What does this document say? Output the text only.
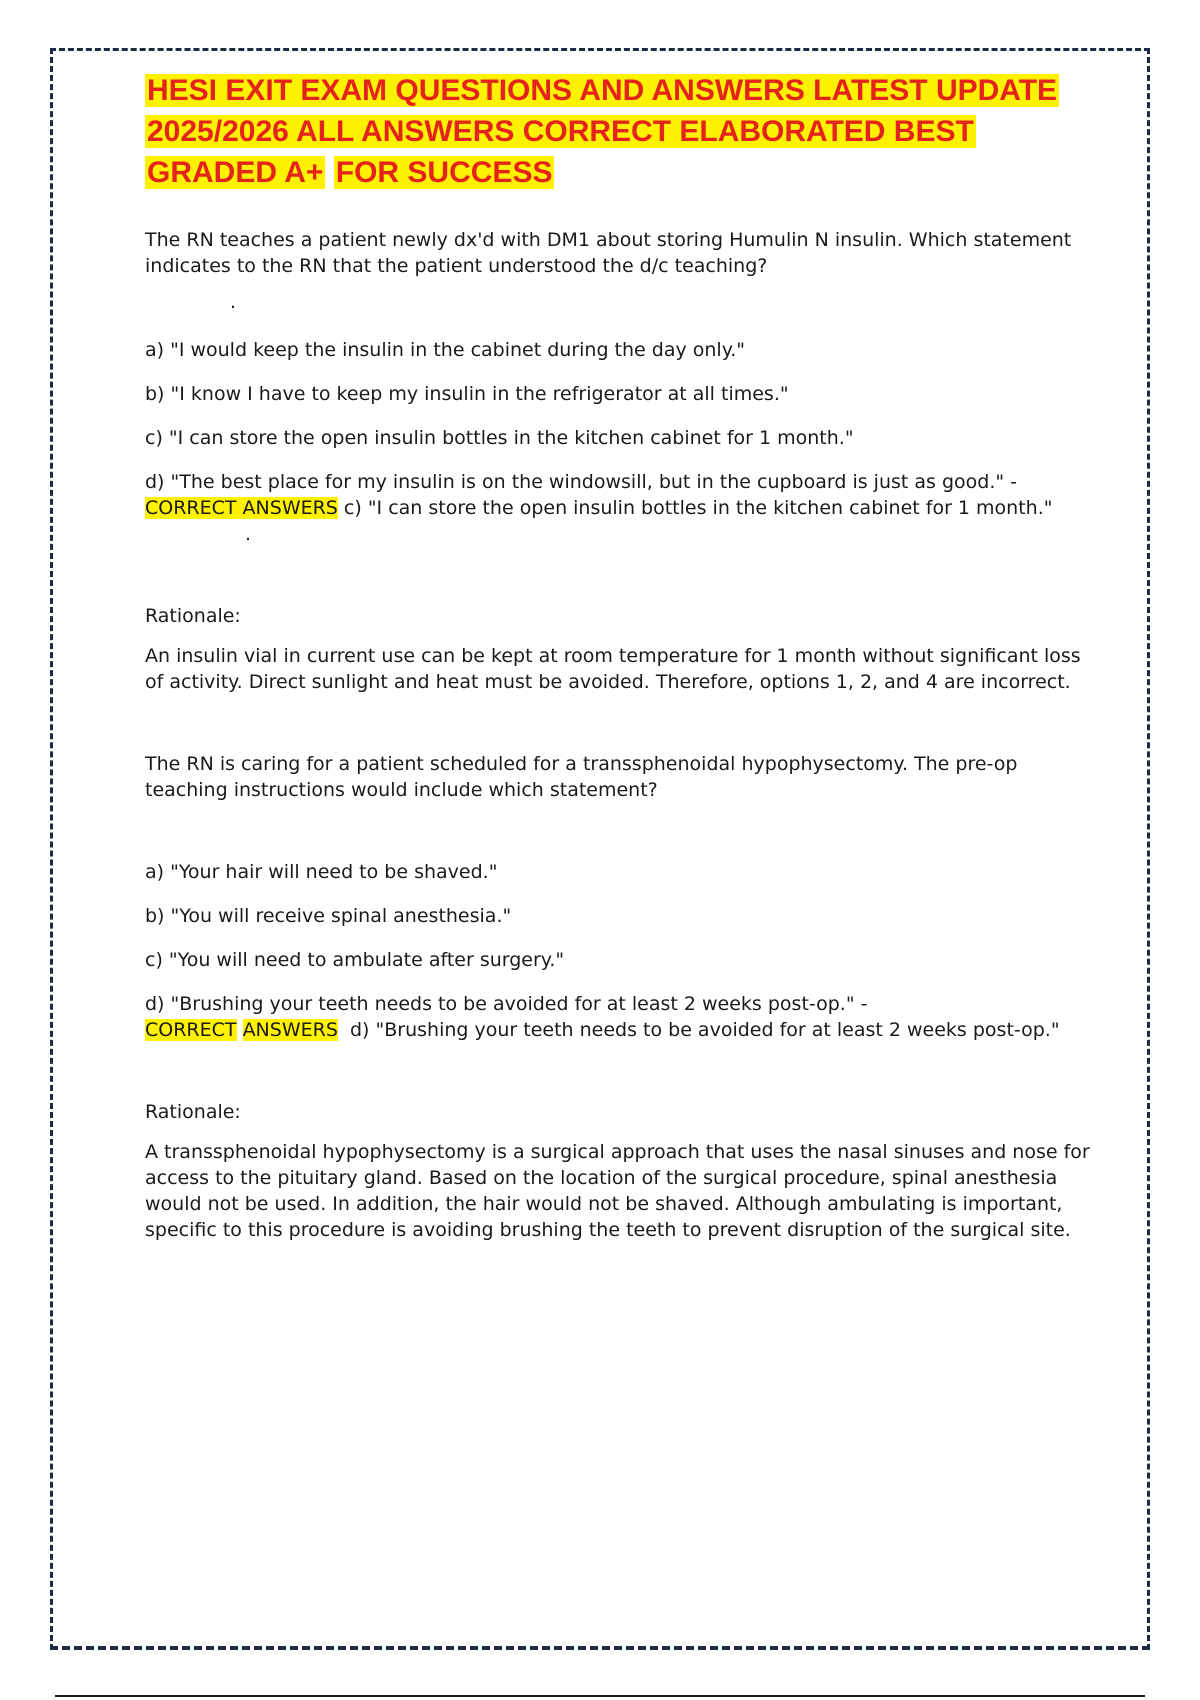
HESI EXIT EXAM QUESTIONS AND ANSWERS LATEST UPDATE
2025/2026 ALL ANSWERS CORRECT ELABORATED BEST
GRADED A+ FOR SUCCESS

The RN teaches a patient newly dx'd with DM1 about storing Humulin N insulin. Which statement indicates to the RN that the patient understood the d/c teaching?

.

a) "I would keep the insulin in the cabinet during the day only."

b) "I know I have to keep my insulin in the refrigerator at all times."

c) "I can store the open insulin bottles in the kitchen cabinet for 1 month."

d) "The best place for my insulin is on the windowsill, but in the cupboard is just as good." - CORRECT ANSWERS c) "I can store the open insulin bottles in the kitchen cabinet for 1 month." .

Rationale:

An insulin vial in current use can be kept at room temperature for 1 month without significant loss of activity. Direct sunlight and heat must be avoided. Therefore, options 1, 2, and 4 are incorrect.

The RN is caring for a patient scheduled for a transsphenoidal hypophysectomy. The pre-op teaching instructions would include which statement?

a) "Your hair will need to be shaved."

b) "You will receive spinal anesthesia."

c) "You will need to ambulate after surgery."

d) "Brushing your teeth needs to be avoided for at least 2 weeks post-op." -
CORRECT ANSWERS d) "Brushing your teeth needs to be avoided for at least 2 weeks post-op."

Rationale:

A transsphenoidal hypophysectomy is a surgical approach that uses the nasal sinuses and nose for access to the pituitary gland. Based on the location of the surgical procedure, spinal anesthesia would not be used. In addition, the hair would not be shaved. Although ambulating is important, specific to this procedure is avoiding brushing the teeth to prevent disruption of the surgical site.
